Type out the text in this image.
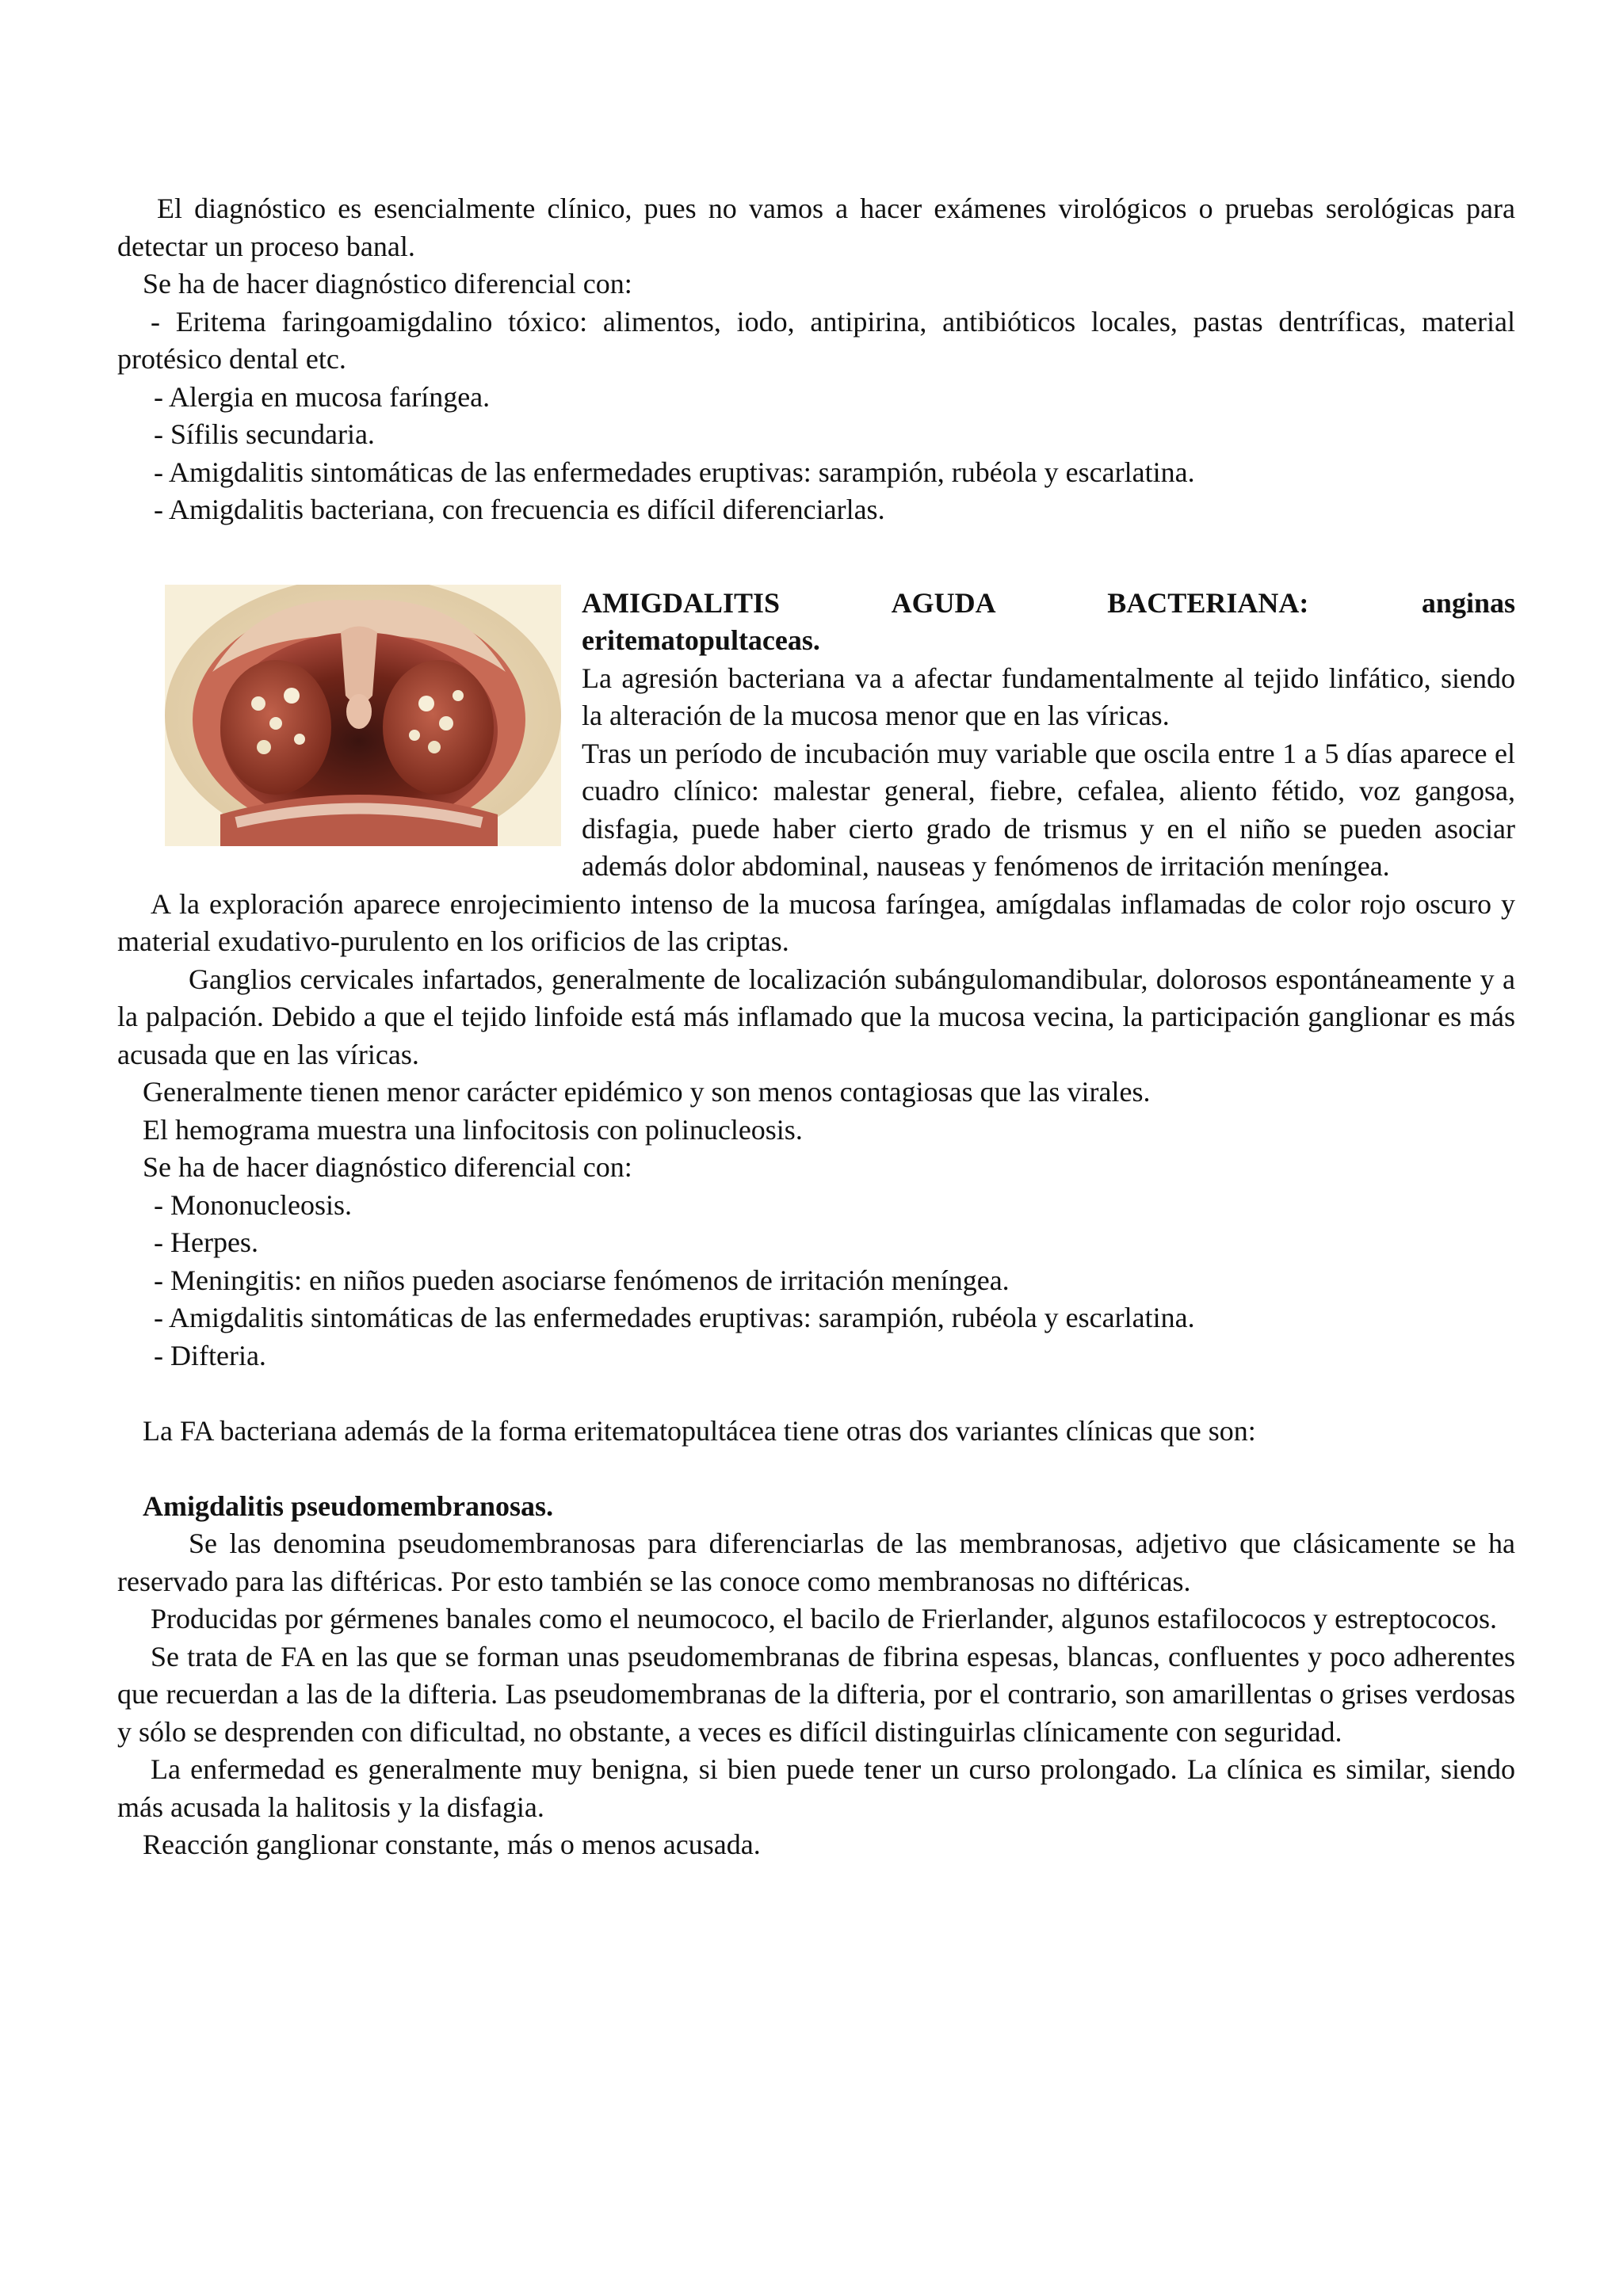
El diagnóstico es esencialmente clínico, pues no vamos a hacer exámenes virológicos o pruebas serológicas para detectar un proceso banal.

Se ha de hacer diagnóstico diferencial con:

- Eritema faringoamigdalino tóxico: alimentos, iodo, antipirina, antibióticos locales, pastas dentríficas, material protésico dental etc.

- Alergia en mucosa faríngea.

- Sífilis secundaria.

- Amigdalitis sintomáticas de las enfermedades eruptivas: sarampión, rubéola y escarlatina.

- Amigdalitis bacteriana, con frecuencia es difícil diferenciarlas.

AMIGDALITIS AGUDA BACTERIANA: anginas

eritematopultaceas.

La agresión bacteriana va a afectar fundamentalmente al tejido linfático, siendo la alteración de la mucosa menor que en las víricas.

Tras un período de incubación muy variable que oscila entre 1 a 5 días aparece el cuadro clínico: malestar general, fiebre, cefalea, aliento fétido, voz gangosa, disfagia, puede haber cierto grado de trismus y en el niño se pueden asociar además dolor abdominal, nauseas y fenómenos de irritación meníngea.

A la exploración aparece enrojecimiento intenso de la mucosa faríngea, amígdalas inflamadas de color rojo oscuro y material exudativo-purulento en los orificios de las criptas.

Ganglios cervicales infartados, generalmente de localización subángulomandibular, dolorosos espontáneamente y a la palpación. Debido a que el tejido linfoide está más inflamado que la mucosa vecina, la participación ganglionar es más acusada que en las víricas.

Generalmente tienen menor carácter epidémico y son menos contagiosas que las virales.

El hemograma muestra una linfocitosis con polinucleosis.

Se ha de hacer diagnóstico diferencial con:

- Mononucleosis.

- Herpes.

- Meningitis: en niños pueden asociarse fenómenos de irritación meníngea.

- Amigdalitis sintomáticas de las enfermedades eruptivas: sarampión, rubéola y escarlatina.

- Difteria.

La FA bacteriana además de la forma eritematopultácea tiene otras dos variantes clínicas que son:

Amigdalitis pseudomembranosas.

Se las denomina pseudomembranosas para diferenciarlas de las membranosas, adjetivo que clásicamente se ha reservado para las diftéricas. Por esto también se las conoce como membranosas no diftéricas.

Producidas por gérmenes banales como el neumococo, el bacilo de Frierlander, algunos estafilococos y estreptococos.

Se trata de FA en las que se forman unas pseudomembranas de fibrina espesas, blancas, confluentes y poco adherentes que recuerdan a las de la difteria. Las pseudomembranas de la difteria, por el contrario, son amarillentas o grises verdosas y sólo se desprenden con dificultad, no obstante, a veces es difícil distinguirlas clínicamente con seguridad.

La enfermedad es generalmente muy benigna, si bien puede tener un curso prolongado. La clínica es similar, siendo más acusada la halitosis y la disfagia.

Reacción ganglionar constante, más o menos acusada.
